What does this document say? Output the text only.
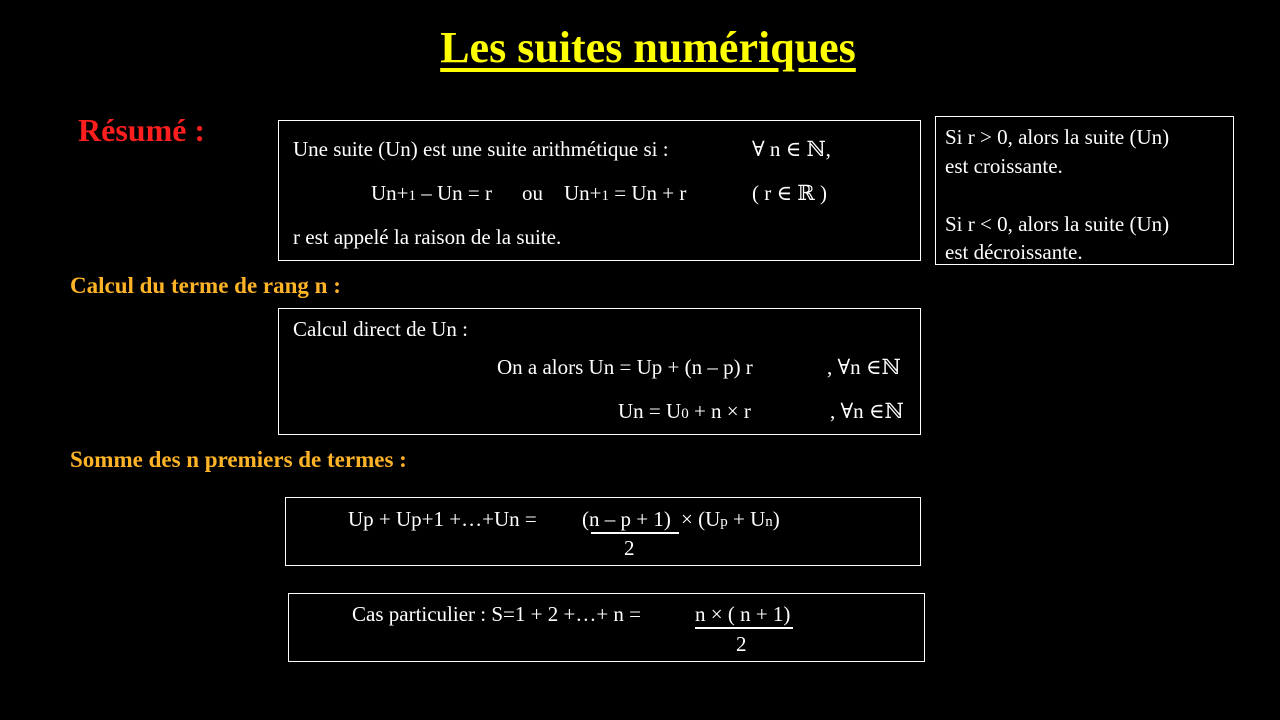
Les suites numériques
Résumé :
Une suite (Un) est une suite arithmétique si :	∀ n ∈ ℕ,
Un+1 – Un = r ou Un+1 = Un + r	( r ∈ ℝ )
r est appelé la raison de la suite.
Si r > 0, alors la suite (Un)
est croissante.
Si r < 0, alors la suite (Un)
est décroissante.
Calcul du terme de rang n :
Calcul direct de Un :
On a alors Un = Up + (n – p) r	, ∀n ∈ℕ
Un = U0 + n × r	, ∀n ∈ℕ
Somme des n premiers de termes :
Up + Up+1 +…+Un = (n – p + 1) × (Up + Un)
2
Cas particulier : S=1 + 2 +…+ n =	n × ( n + 1)
2
